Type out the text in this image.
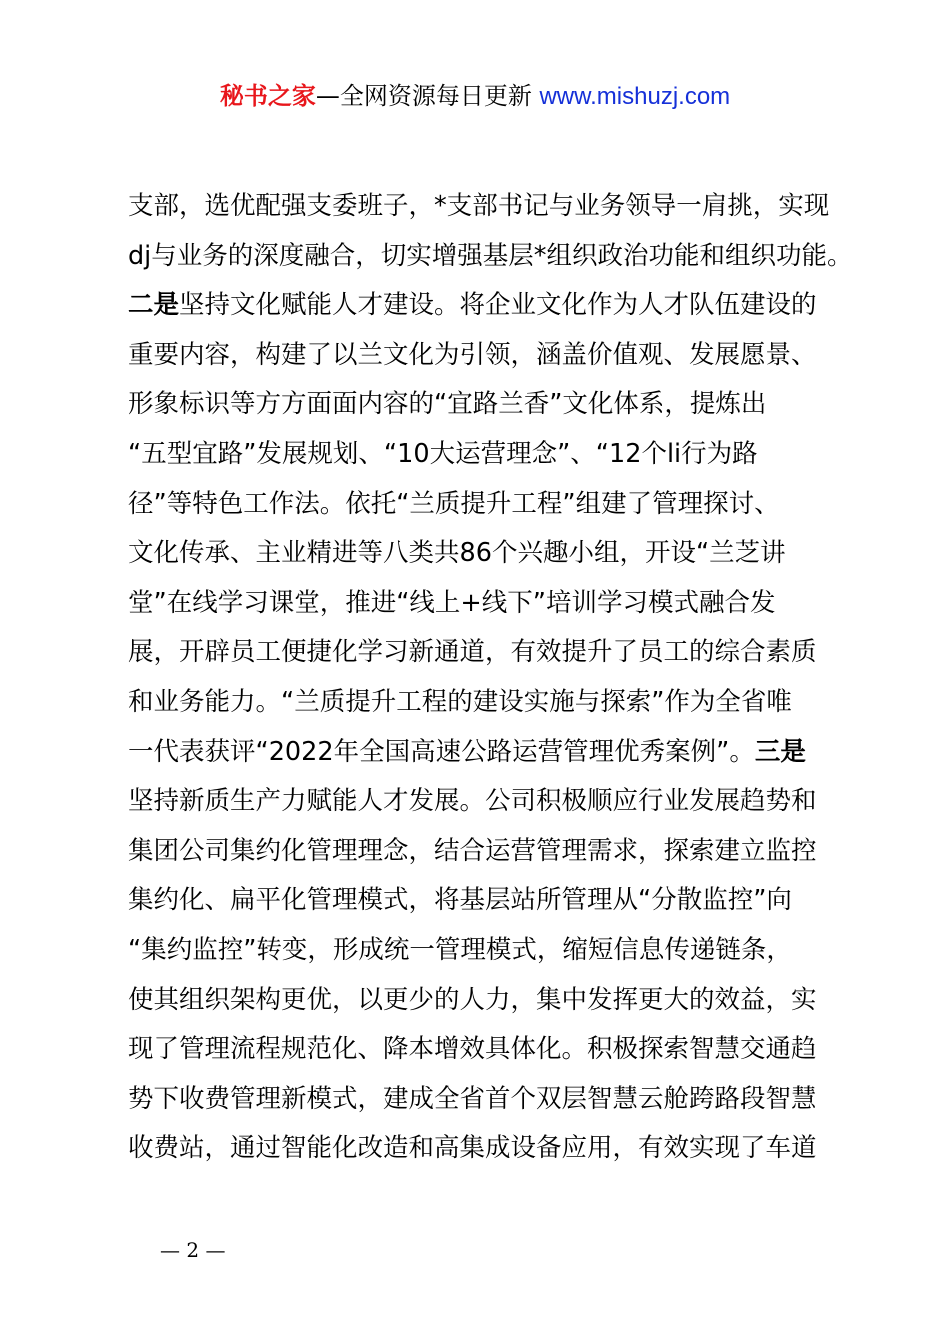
秘书之家—全网资源每日更新 www.mishuzj.com
支部，选优配强支委班子，*支部书记与业务领导一肩挑，实现
dj与业务的深度融合，切实增强基层*组织政治功能和组织功能。
二是坚持文化赋能人才建设。将企业文化作为人才队伍建设的
重要内容，构建了以兰文化为引领，涵盖价值观、发展愿景、
形象标识等方方面面内容的“宜路兰香”文化体系，提炼出
“五型宜路”发展规划、“10大运营理念”、“12个li行为路
径”等特色工作法。依托“兰质提升工程”组建了管理探讨、
文化传承、主业精进等八类共86个兴趣小组，开设“兰芝讲
堂”在线学习课堂，推进“线上+线下”培训学习模式融合发
展，开辟员工便捷化学习新通道，有效提升了员工的综合素质
和业务能力。“兰质提升工程的建设实施与探索”作为全省唯
一代表获评“2022年全国高速公路运营管理优秀案例”。三是
坚持新质生产力赋能人才发展。公司积极顺应行业发展趋势和
集团公司集约化管理理念，结合运营管理需求，探索建立监控
集约化、扁平化管理模式，将基层站所管理从“分散监控”向
“集约监控”转变，形成统一管理模式，缩短信息传递链条，
使其组织架构更优，以更少的人力，集中发挥更大的效益，实
现了管理流程规范化、降本增效具体化。积极探索智慧交通趋
势下收费管理新模式，建成全省首个双层智慧云舱跨路段智慧
收费站，通过智能化改造和高集成设备应用，有效实现了车道
— 2 —
